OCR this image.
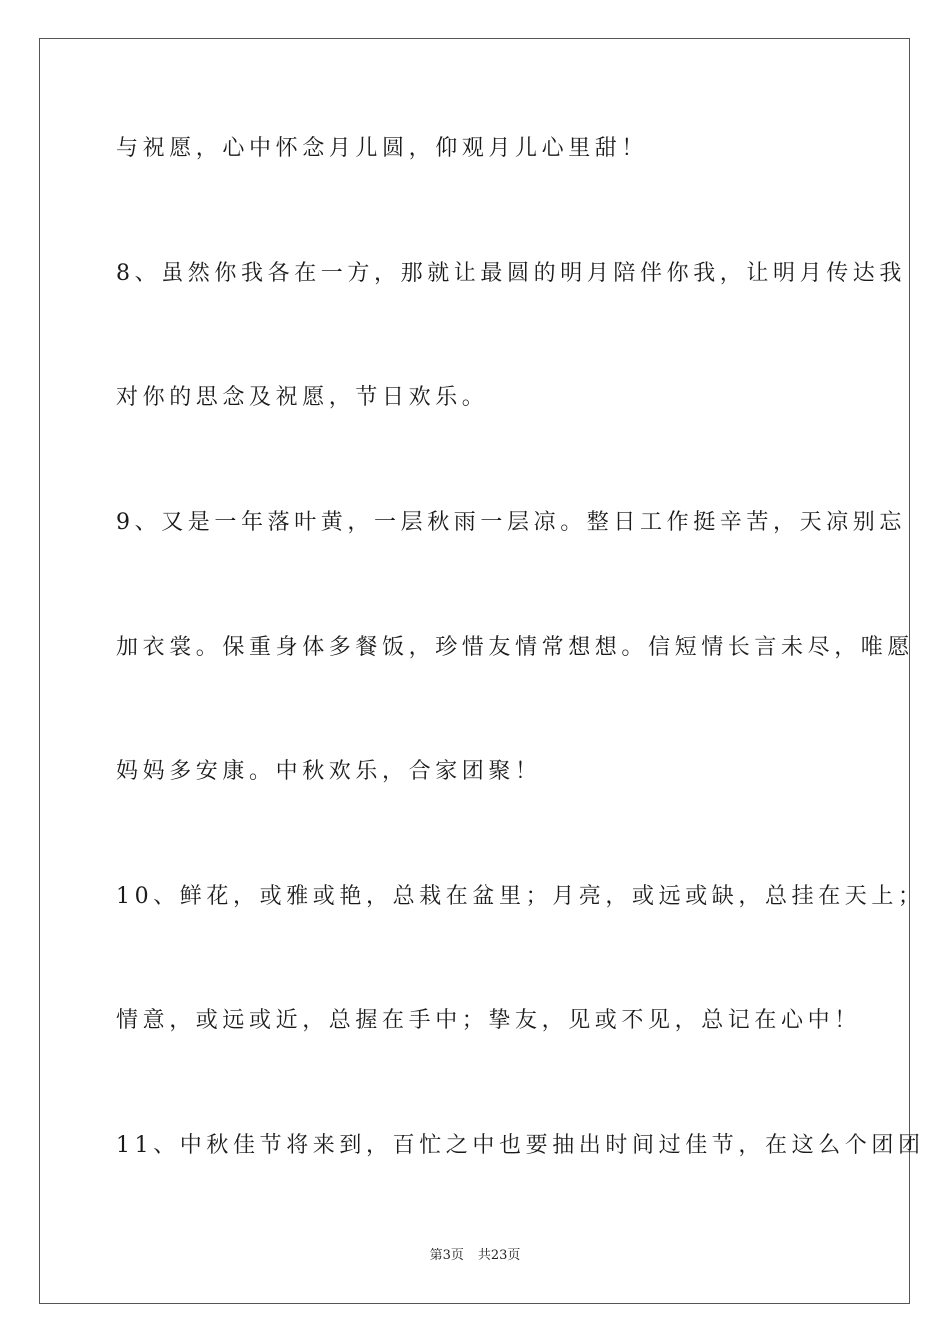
与祝愿，心中怀念月儿圆，仰观月儿心里甜！
8、虽然你我各在一方，那就让最圆的明月陪伴你我，让明月传达我
对你的思念及祝愿，节日欢乐。
9、又是一年落叶黄，一层秋雨一层凉。整日工作挺辛苦，天凉别忘
加衣裳。保重身体多餐饭，珍惜友情常想想。信短情长言未尽，唯愿
妈妈多安康。中秋欢乐，合家团聚！
10、鲜花，或雅或艳，总栽在盆里；月亮，或远或缺，总挂在天上；
情意，或远或近，总握在手中；挚友，见或不见，总记在心中！
11、中秋佳节将来到，百忙之中也要抽出时间过佳节，在这么个团团
第3页 共23页
